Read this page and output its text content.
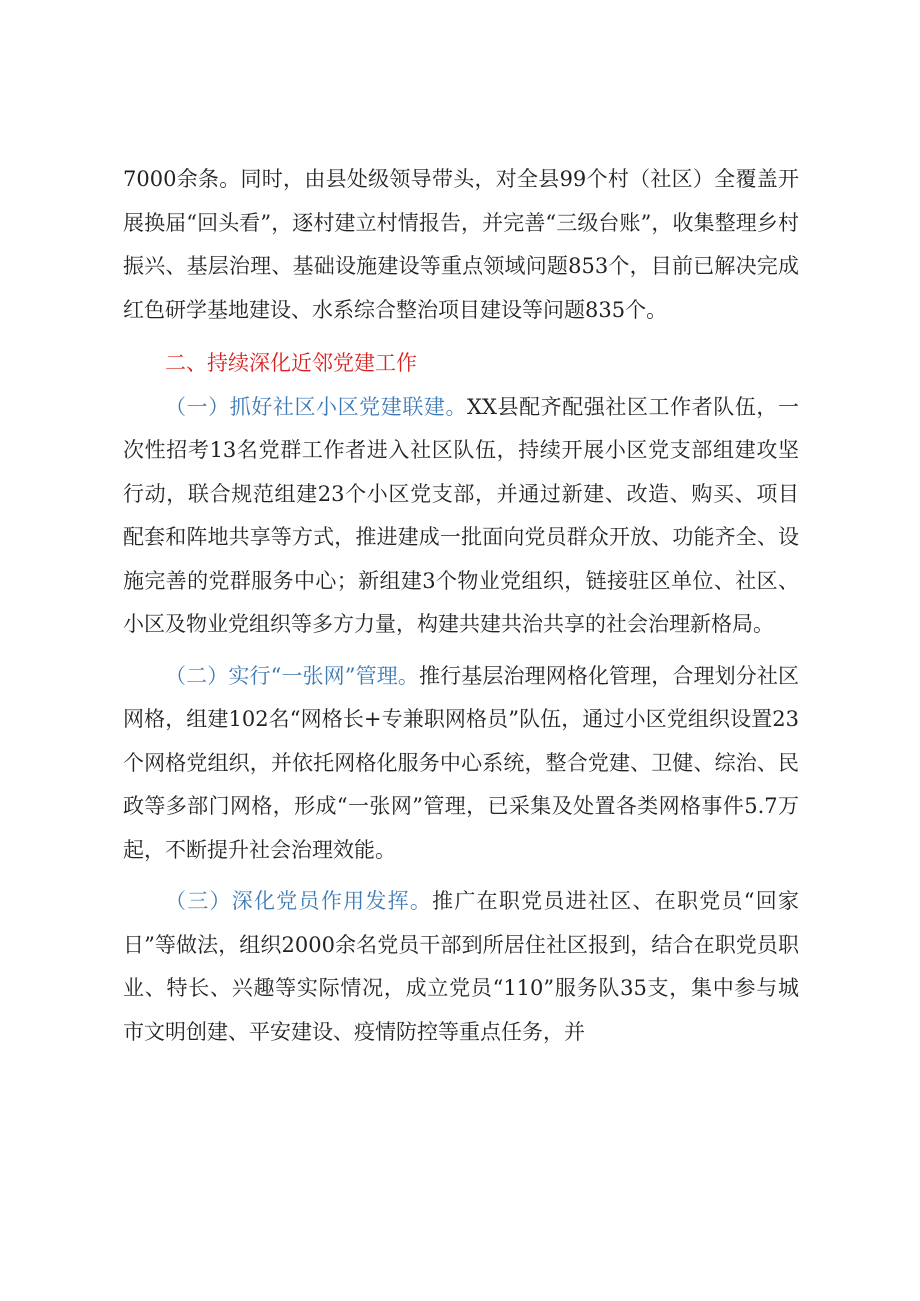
7000余条。同时，由县处级领导带头，对全县99个村（社区）全覆盖开展换届“回头看”，逐村建立村情报告，并完善“三级台账”，收集整理乡村振兴、基层治理、基础设施建设等重点领域问题853个，目前已解决完成红色研学基地建设、水系综合整治项目建设等问题835个。

二、持续深化近邻党建工作

（一）抓好社区小区党建联建。XX县配齐配强社区工作者队伍，一次性招考13名党群工作者进入社区队伍，持续开展小区党支部组建攻坚行动，联合规范组建23个小区党支部，并通过新建、改造、购买、项目配套和阵地共享等方式，推进建成一批面向党员群众开放、功能齐全、设施完善的党群服务中心；新组建3个物业党组织，链接驻区单位、社区、小区及物业党组织等多方力量，构建共建共治共享的社会治理新格局。

（二）实行“一张网”管理。推行基层治理网格化管理，合理划分社区网格，组建102名“网格长+专兼职网格员”队伍，通过小区党组织设置23个网格党组织，并依托网格化服务中心系统，整合党建、卫健、综治、民政等多部门网格，形成“一张网”管理，已采集及处置各类网格事件5.7万起，不断提升社会治理效能。

（三）深化党员作用发挥。推广在职党员进社区、在职党员“回家日”等做法，组织2000余名党员干部到所居住社区报到，结合在职党员职业、特长、兴趣等实际情况，成立党员“110”服务队35支，集中参与城市文明创建、平安建设、疫情防控等重点任务，并
